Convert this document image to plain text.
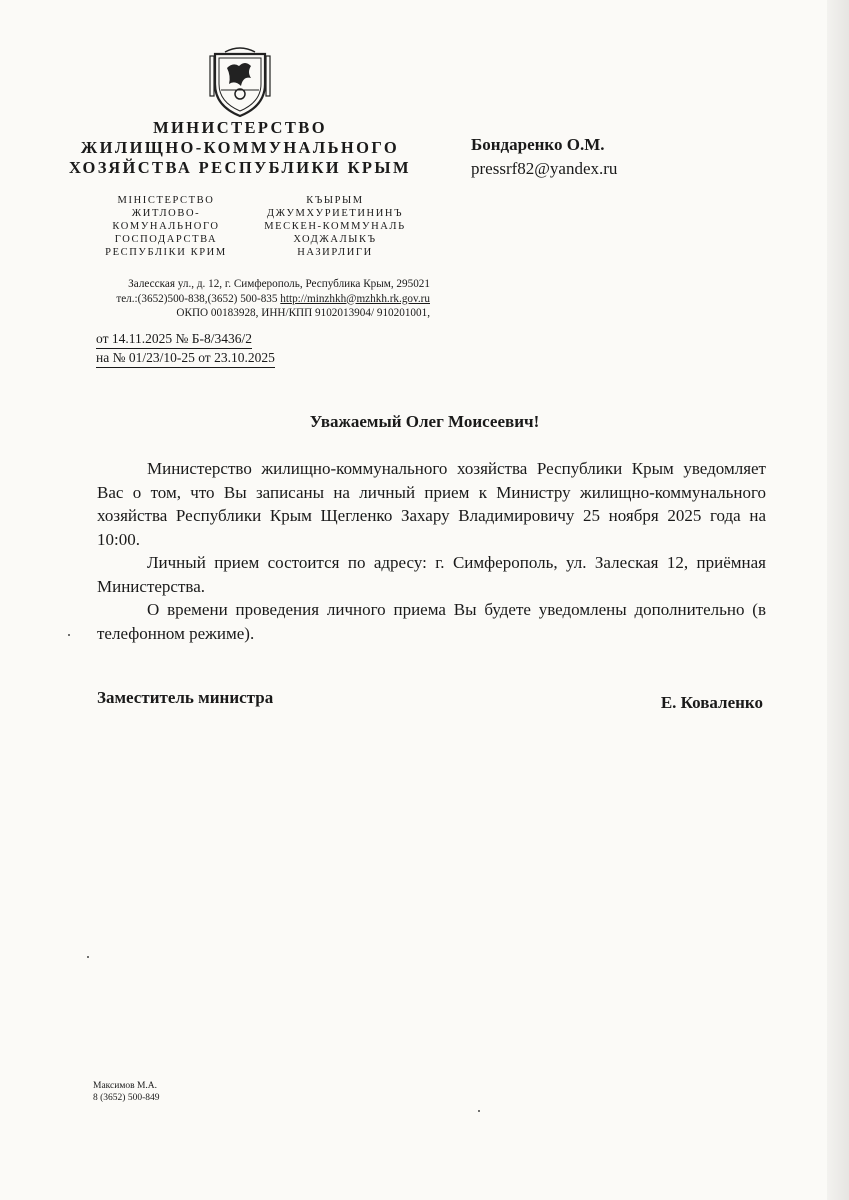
МИНИСТЕРСТВО
ЖИЛИЩНО-КОММУНАЛЬНОГО
ХОЗЯЙСТВА РЕСПУБЛИКИ КРЫМ
МІНІСТЕРСТВО
ЖИТЛОВО-
КОМУНАЛЬНОГО
ГОСПОДАРСТВА
РЕСПУБЛІКИ КРИМ
КЪЫРЫМ
ДЖУМХУРИЕТИНИНЪ
МЕСКЕН-КОММУНАЛЬ
ХОДЖАЛЫКЪ
НАЗИРЛИГИ
Залесская ул., д. 12, г. Симферополь, Республика Крым, 295021
тел.:(3652)500-838,(3652) 500-835 http://minzhkh@mzhkh.rk.gov.ru
ОКПО 00183928, ИНН/КПП 9102013904/ 910201001,
от 14.11.2025 № Б-8/3436/2
на № 01/23/10-25 от 23.10.2025
Бондаренко О.М.
pressrf82@yandex.ru
Уважаемый Олег Моисеевич!

Министерство жилищно-коммунального хозяйства Республики Крым уведомляет Вас о том, что Вы записаны на личный прием к Министру жилищно-коммунального хозяйства Республики Крым Щегленко Захару Владимировичу 25 ноября 2025 года на 10:00.

Личный прием состоится по адресу: г. Симферополь, ул. Залеская 12, приёмная Министерства.

О времени проведения личного приема Вы будете уведомлены дополнительно (в телефонном режиме).

Заместитель министра	Е. Коваленко
Максимов М.А.
8 (3652) 500-849
